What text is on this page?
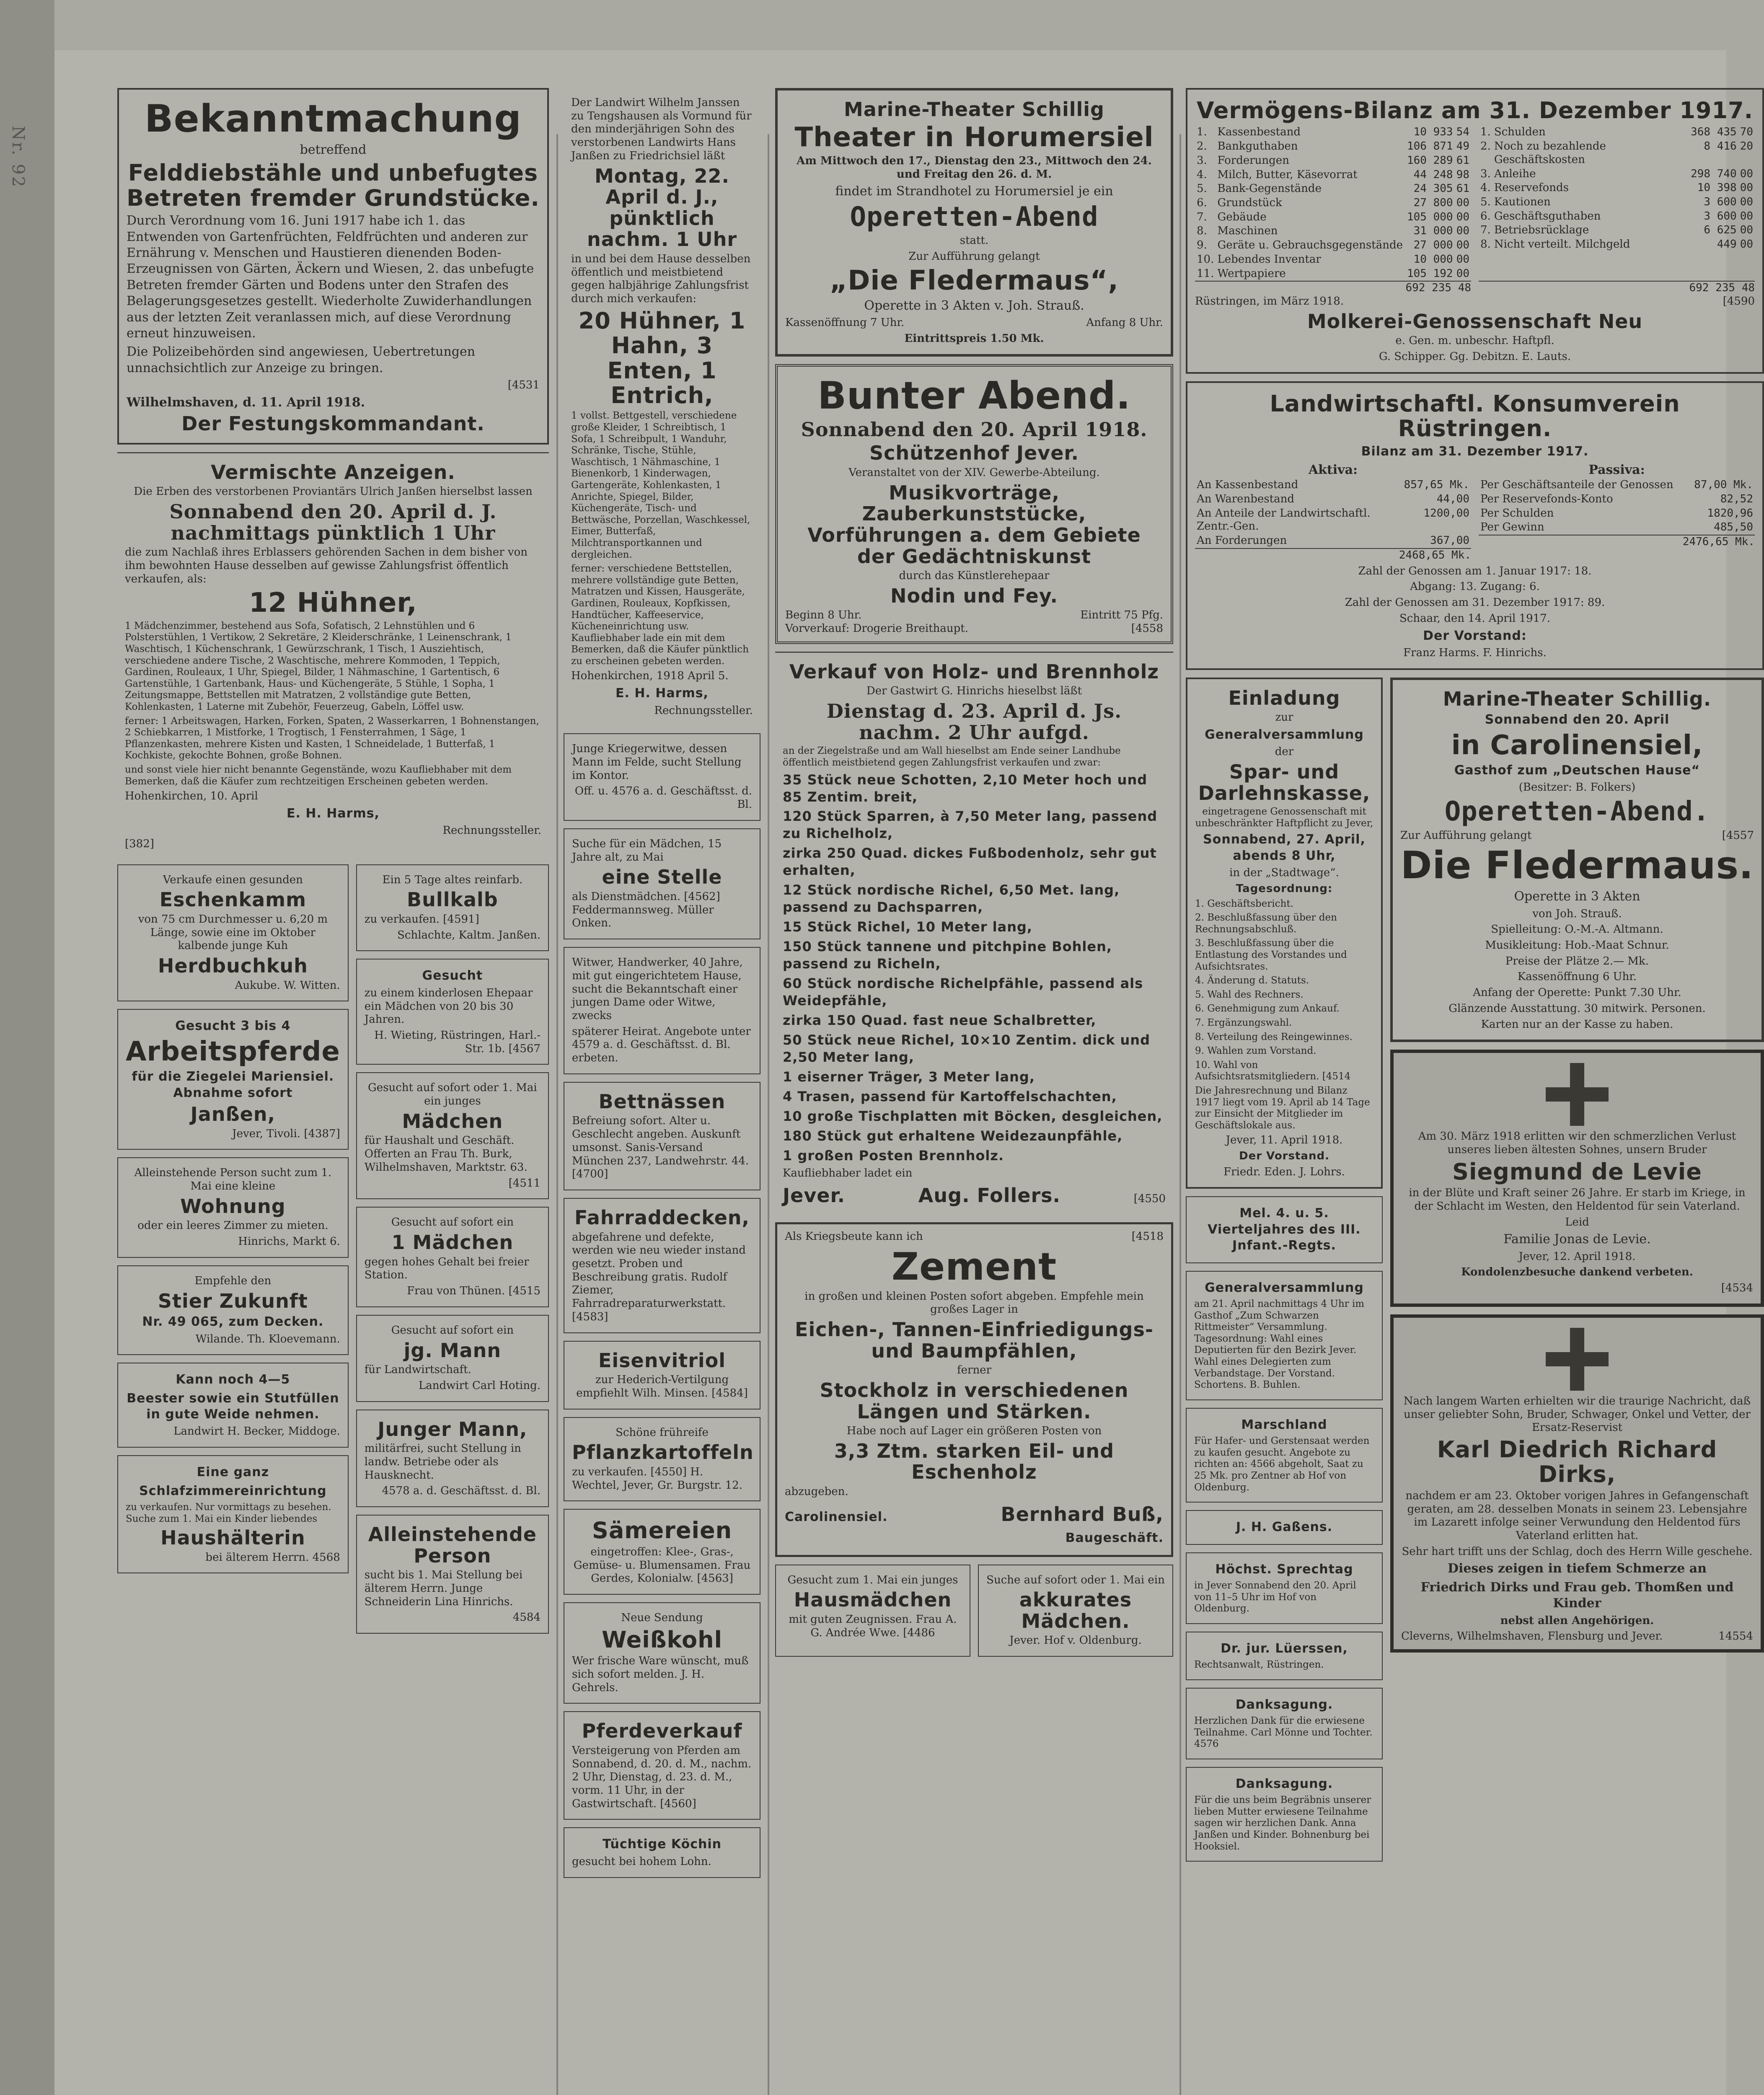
Nr. 92
Bekanntmachung
betreffend
Felddiebstähle und unbefugtes Betreten fremder Grundstücke.

Durch Verordnung vom 16. Juni 1917 habe ich 1. das Entwenden von Gartenfrüchten, Feldfrüchten und anderen zur Ernährung v. Menschen und Haustieren dienenden Boden-Erzeugnissen von Gärten, Äckern und Wiesen, 2. das unbefugte Betreten fremder Gärten und Bodens unter den Strafen des Belagerungsgesetzes gestellt. Wiederholte Zuwiderhandlungen aus der letzten Zeit veranlassen mich, auf diese Verordnung erneut hinzuweisen.

Die Polizeibehörden sind angewiesen, Uebertretungen unnachsichtlich zur Anzeige zu bringen.

[4531

Wilhelmshaven, d. 11. April 1918.

Der Festungskommandant.
Vermischte Anzeigen.

Die Erben des verstorbenen Proviantärs Ulrich Janßen hierselbst lassen

Sonnabend den 20. April d. J. nachmittags pünktlich 1 Uhr

die zum Nachlaß ihres Erblassers gehörenden Sachen in dem bisher von ihm bewohnten Hause desselben auf gewisse Zahlungsfrist öffentlich verkaufen, als:

12 Hühner,

1 Mädchenzimmer, bestehend aus Sofa, Sofatisch, 2 Lehnstühlen und 6 Polsterstühlen, 1 Vertikow, 2 Sekretäre, 2 Kleiderschränke, 1 Leinenschrank, 1 Waschtisch, 1 Küchenschrank, 1 Gewürzschrank, 1 Tisch, 1 Ausziehtisch, verschiedene andere Tische, 2 Waschtische, mehrere Kommoden, 1 Teppich, Gardinen, Rouleaux, 1 Uhr, Spiegel, Bilder, 1 Nähmaschine, 1 Gartentisch, 6 Gartenstühle, 1 Gartenbank, Haus- und Küchengeräte, 5 Stühle, 1 Sopha, 1 Zeitungsmappe, Bettstellen mit Matratzen, 2 vollständige gute Betten, Kohlenkasten, 1 Laterne mit Zubehör, Feuerzeug, Gabeln, Löffel usw.

ferner: 1 Arbeitswagen, Harken, Forken, Spaten, 2 Wasserkarren, 1 Bohnenstangen, 2 Schiebkarren, 1 Mistforke, 1 Trogtisch, 1 Fensterrahmen, 1 Säge, 1 Pflanzenkasten, mehrere Kisten und Kasten, 1 Schneidelade, 1 Butterfaß, 1 Kochkiste, gekochte Bohnen, große Bohnen.

und sonst viele hier nicht benannte Gegenstände, wozu Kaufliebhaber mit dem Bemerken, daß die Käufer zum rechtzeitigen Erscheinen gebeten werden.

Hohenkirchen, 10. April

E. H. Harms,
Rechnungssteller.
[382]

Verkaufe einen gesunden

Eschenkamm

von 75 cm Durchmesser u. 6,20 m Länge, sowie eine im Oktober kalbende junge Kuh

Herdbuchkuh

Aukube. W. Witten.

Gesucht 3 bis 4
Arbeitspferde
für die Ziegelei Mariensiel. Abnahme sofort
Janßen,

Jever, Tivoli. [4387]

Alleinstehende Person sucht zum 1. Mai eine kleine

Wohnung

oder ein leeres Zimmer zu mieten.

Hinrichs, Markt 6.

Empfehle den

Stier Zukunft
Nr. 49 065, zum Decken.

Wilande. Th. Kloevemann.

Kann noch 4—5
Beester sowie ein Stutfüllen in gute Weide nehmen.

Landwirt H. Becker, Middoge.

Eine ganz
Schlafzimmereinrichtung

zu verkaufen. Nur vormittags zu besehen. Suche zum 1. Mai ein Kinder liebendes

Haushälterin

bei älterem Herrn. 4568

Ein 5 Tage altes reinfarb.

Bullkalb

zu verkaufen. [4591]

Schlachte, Kaltm. Janßen.

Gesucht

zu einem kinderlosen Ehepaar ein Mädchen von 20 bis 30 Jahren.

H. Wieting, Rüstringen, Harl.-Str. 1b. [4567

Gesucht auf sofort oder 1. Mai ein junges

Mädchen

für Haushalt und Geschäft. Offerten an Frau Th. Burk, Wilhelmshaven, Marktstr. 63.

[4511

Gesucht auf sofort ein

1 Mädchen

gegen hohes Gehalt bei freier Station.

Frau von Thünen. [4515

Gesucht auf sofort ein

jg. Mann

für Landwirtschaft.

Landwirt Carl Hoting.

Junger Mann,

militärfrei, sucht Stellung in landw. Betriebe oder als Hausknecht.

4578 a. d. Geschäftsst. d. Bl.

Alleinstehende Person

sucht bis 1. Mai Stellung bei älterem Herrn. Junge Schneiderin Lina Hinrichs.

4584

Der Landwirt Wilhelm Janssen zu Tengshausen als Vormund für den minderjährigen Sohn des verstorbenen Landwirts Hans Janßen zu Friedrichsiel läßt

Montag, 22. April d. J., pünktlich nachm. 1 Uhr

in und bei dem Hause desselben öffentlich und meistbietend gegen halbjährige Zahlungsfrist durch mich verkaufen:

20 Hühner, 1 Hahn, 3 Enten, 1 Entrich,

1 vollst. Bettgestell, verschiedene große Kleider, 1 Schreibtisch, 1 Sofa, 1 Schreibpult, 1 Wanduhr, Schränke, Tische, Stühle, Waschtisch, 1 Nähmaschine, 1 Bienenkorb, 1 Kinderwagen, Gartengeräte, Kohlenkasten, 1 Anrichte, Spiegel, Bilder, Küchengeräte, Tisch- und Bettwäsche, Porzellan, Waschkessel, Eimer, Butterfaß, Milchtransportkannen und dergleichen.

ferner: verschiedene Bettstellen, mehrere vollständige gute Betten, Matratzen und Kissen, Hausgeräte, Gardinen, Rouleaux, Kopfkissen, Handtücher, Kaffeeservice, Kücheneinrichtung usw. Kaufliebhaber lade ein mit dem Bemerken, daß die Käufer pünktlich zu erscheinen gebeten werden.

Hohenkirchen, 1918 April 5.

E. H. Harms,

Rechnungssteller.

Junge Kriegerwitwe, dessen Mann im Felde, sucht Stellung im Kontor.

Off. u. 4576 a. d. Geschäftsst. d. Bl.

Suche für ein Mädchen, 15 Jahre alt, zu Mai

eine Stelle

als Dienstmädchen. [4562] Feddermannsweg. Müller Onken.

Witwer, Handwerker, 40 Jahre, mit gut eingerichtetem Hause, sucht die Bekanntschaft einer jungen Dame oder Witwe, zwecks

späterer Heirat. Angebote unter 4579 a. d. Geschäftsst. d. Bl. erbeten.

Bettnässen

Befreiung sofort. Alter u. Geschlecht angeben. Auskunft umsonst. Sanis-Versand München 237, Landwehrstr. 44. [4700]

Fahrraddecken,

abgefahrene und defekte, werden wie neu wieder instand gesetzt. Proben und Beschreibung gratis. Rudolf Ziemer, Fahrradreparaturwerkstatt. [4583]

Eisenvitriol

zur Hederich-Vertilgung empfiehlt Wilh. Minsen. [4584]

Schöne frühreife

Pflanzkartoffeln

zu verkaufen. [4550] H. Wechtel, Jever, Gr. Burgstr. 12.

Sämereien

eingetroffen: Klee-, Gras-, Gemüse- u. Blumensamen. Frau Gerdes, Kolonialw. [4563]

Neue Sendung

Weißkohl

Wer frische Ware wünscht, muß sich sofort melden. J. H. Gehrels.

Pferdeverkauf

Versteigerung von Pferden am Sonnabend, d. 20. d. M., nachm. 2 Uhr, Dienstag, d. 23. d. M., vorm. 11 Uhr, in der Gastwirtschaft. [4560]

Tüchtige Köchin

gesucht bei hohem Lohn.

Marine-Theater Schillig
Theater in Horumersiel

Am Mittwoch den 17., Dienstag den 23., Mittwoch den 24. und Freitag den 26. d. M.

findet im Strandhotel zu Horumersiel je ein

Operetten-Abend

statt.

Zur Aufführung gelangt

„Die Fledermaus“,

Operette in 3 Akten v. Joh. Strauß.

Kassenöffnung 7 Uhr.	Anfang 8 Uhr.

Eintrittspreis 1.50 Mk.

Bunter Abend.
Sonnabend den 20. April 1918.
Schützenhof Jever.

Veranstaltet von der XIV. Gewerbe-Abteilung.

Musikvorträge, Zauberkunststücke, Vorführungen a. dem Gebiete der Gedächtniskunst

durch das Künstlerehepaar

Nodin und Fey.
Beginn 8 Uhr.	Eintritt 75 Pfg.
Vorverkauf: Drogerie Breithaupt.	[4558
Verkauf von Holz- und Brennholz

Der Gastwirt G. Hinrichs hieselbst läßt

Dienstag d. 23. April d. Js. nachm. 2 Uhr aufgd.

an der Ziegelstraße und am Wall hieselbst am Ende seiner Landhube öffentlich meistbietend gegen Zahlungsfrist verkaufen und zwar:

35 Stück neue Schotten, 2,10 Meter hoch und 85 Zentim. breit,
120 Stück Sparren, à 7,50 Meter lang, passend zu Richelholz,
zirka 250 Quad. dickes Fußbodenholz, sehr gut erhalten,
12 Stück nordische Richel, 6,50 Met. lang, passend zu Dachsparren,
15 Stück Richel, 10 Meter lang,
150 Stück tannene und pitchpine Bohlen, passend zu Richeln,
60 Stück nordische Richelpfähle, passend als Weidepfähle,
zirka 150 Quad. fast neue Schalbretter,
50 Stück neue Richel, 10×10 Zentim. dick und 2,50 Meter lang,
1 eiserner Träger, 3 Meter lang,
4 Trasen, passend für Kartoffelschachten,
10 große Tischplatten mit Böcken, desgleichen,
180 Stück gut erhaltene Weidezaunpfähle,
1 großen Posten Brennholz.

Kaufliebhaber ladet ein

Jever.	Aug. Follers.	[4550
Als Kriegsbeute kann ich	[4518
Zement

in großen und kleinen Posten sofort abgeben. Empfehle mein großes Lager in

Eichen-, Tannen-Einfriedigungs- und Baumpfählen,

ferner

Stockholz in verschiedenen Längen und Stärken.

Habe noch auf Lager ein größeren Posten von

3,3 Ztm. starken Eil- und Eschenholz

abzugeben.

Carolinensiel.	Bernhard Buß,
Baugeschäft.

Gesucht zum 1. Mai ein junges

Hausmädchen

mit guten Zeugnissen. Frau A. G. Andrée Wwe. [4486

Suche auf sofort oder 1. Mai ein

akkurates Mädchen.

Jever. Hof v. Oldenburg.

Vermögens-Bilanz am 31. Dezember 1917.
1.	Kassenbestand	10 933	54
2.	Bankguthaben	106 871	49
3.	Forderungen	160 289	61
4.	Milch, Butter, Käsevorrat	44 248	98
5.	Bank-Gegenstände	24 305	61
6.	Grundstück	27 800	00
7.	Gebäude	105 000	00
8.	Maschinen	31 000	00
9.	Geräte u. Gebrauchsgegenstände	27 000	00
10.	Lebendes Inventar	10 000	00
11.	Wertpapiere	105 192	00
1.	Schulden	368 435	70
2.	Noch zu bezahlende Geschäftskosten	8 416	20
3.	Anleihe	298 740	00
4.	Reservefonds	10 398	00
5.	Kautionen	3 600	00
6.	Geschäftsguthaben	3 600	00
7.	Betriebsrücklage	6 625	00
8.	Nicht verteilt. Milchgeld	449	00
692 235 48	692 235 48
Rüstringen, im März 1918.	[4590
Molkerei-Genossenschaft Neu

e. Gen. m. unbeschr. Haftpfl.

G. Schipper. Gg. Debitzn. E. Lauts.

Landwirtschaftl. Konsumverein Rüstringen.
Bilanz am 31. Dezember 1917.
Aktiva:
An Kassenbestand	857,65 Mk.
An Warenbestand	44,00
An Anteile der Landwirtschaftl. Zentr.-Gen.	1200,00
An Forderungen	367,00
2468,65 Mk.
Passiva:
Per Geschäftsanteile der Genossen	87,00 Mk.
Per Reservefonds-Konto	82,52
Per Schulden	1820,96
Per Gewinn	485,50
2476,65 Mk.

Zahl der Genossen am 1. Januar 1917: 18.

Abgang: 13. Zugang: 6.

Zahl der Genossen am 31. Dezember 1917: 89.

Schaar, den 14. April 1917.

Der Vorstand:

Franz Harms. F. Hinrichs.

Einladung

zur

Generalversammlung

der

Spar- und Darlehnskasse,

eingetragene Genossenschaft mit unbeschränkter Haftpflicht zu Jever,

Sonnabend, 27. April, abends 8 Uhr,

in der „Stadtwage“.

Tagesordnung:

1. Geschäftsbericht.

2. Beschlußfassung über den Rechnungsabschluß.

3. Beschlußfassung über die Entlastung des Vorstandes und Aufsichtsrates.

4. Änderung d. Statuts.

5. Wahl des Rechners.

6. Genehmigung zum Ankauf.

7. Ergänzungswahl.

8. Verteilung des Reingewinnes.

9. Wahlen zum Vorstand.

10. Wahl von Aufsichtsratsmitgliedern. [4514

Die Jahresrechnung und Bilanz 1917 liegt vom 19. April ab 14 Tage zur Einsicht der Mitglieder im Geschäftslokale aus.

Jever, 11. April 1918.

Der Vorstand.

Friedr. Eden. J. Lohrs.

Mel. 4. u. 5. Vierteljahres des III. Jnfant.-Regts.

Generalversammlung

am 21. April nachmittags 4 Uhr im Gasthof „Zum Schwarzen Rittmeister“ Versammlung. Tagesordnung: Wahl eines Deputierten für den Bezirk Jever. Wahl eines Delegierten zum Verbandstage. Der Vorstand. Schortens. B. Buhlen.

Marschland

Für Hafer- und Gerstensaat werden zu kaufen gesucht. Angebote zu richten an: 4566 abgeholt, Saat zu 25 Mk. pro Zentner ab Hof von Oldenburg.

J. H. Gaßens.

Höchst. Sprechtag

in Jever Sonnabend den 20. April von 11–5 Uhr im Hof von Oldenburg.

Dr. jur. Lüerssen,

Rechtsanwalt, Rüstringen.

Danksagung.

Herzlichen Dank für die erwiesene Teilnahme. Carl Mönne und Tochter. 4576

Danksagung.

Für die uns beim Begräbnis unserer lieben Mutter erwiesene Teilnahme sagen wir herzlichen Dank. Anna Janßen und Kinder. Bohnenburg bei Hooksiel.

Marine-Theater Schillig.
Sonnabend den 20. April
in Carolinensiel,
Gasthof zum „Deutschen Hause“

(Besitzer: B. Folkers)

Operetten-Abend.
Zur Aufführung gelangt	[4557
Die Fledermaus.

Operette in 3 Akten

von Joh. Strauß.

Spielleitung: O.-M.-A. Altmann.

Musikleitung: Hob.-Maat Schnur.

Preise der Plätze 2.— Mk.

Kassenöffnung 6 Uhr.

Anfang der Operette: Punkt 7.30 Uhr.

Glänzende Ausstattung. 30 mitwirk. Personen.

Karten nur an der Kasse zu haben.

Am 30. März 1918 erlitten wir den schmerzlichen Verlust unseres lieben ältesten Sohnes, unsern Bruder

Siegmund de Levie

in der Blüte und Kraft seiner 26 Jahre. Er starb im Kriege, in der Schlacht im Westen, den Heldentod für sein Vaterland.

Leid

Familie Jonas de Levie.

Jever, 12. April 1918.

Kondolenzbesuche dankend verbeten.

[4534

Nach langem Warten erhielten wir die traurige Nachricht, daß unser geliebter Sohn, Bruder, Schwager, Onkel und Vetter, der Ersatz-Reservist

Karl Diedrich Richard Dirks,

nachdem er am 23. Oktober vorigen Jahres in Gefangenschaft geraten, am 28. desselben Monats in seinem 23. Lebensjahre im Lazarett infolge seiner Verwundung den Heldentod fürs Vaterland erlitten hat.

Sehr hart trifft uns der Schlag, doch des Herrn Wille geschehe.

Dieses zeigen in tiefem Schmerze an

Friedrich Dirks und Frau geb. Thomßen und Kinder

nebst allen Angehörigen.

Cleverns, Wilhelmshaven, Flensburg und Jever.	14554
